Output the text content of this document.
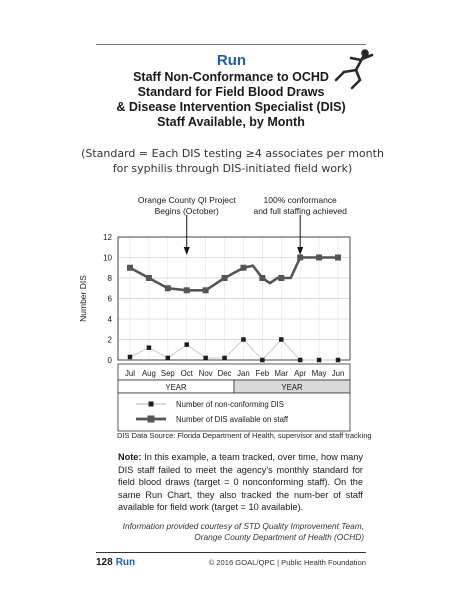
Run
Staff Non-Conformance to OCHD
Standard for Field Blood Draws
& Disease Intervention Specialist (DIS)
Staff Available, by Month
(Standard = Each DIS testing ≥4 associates per month
for syphilis through DIS-initiated field work)
0
2
4
6
8
10
12
Number DIS
Jul Aug Sep Oct Nov Dec Jan Feb Mar Apr May Jun
YEAR	YEAR
Number of non-conforming DIS
Number of DIS available on staff
Orange County QI Project
Begins (October)
100% conformance
and full staffing achieved
DIS Data Source: Florida Department of Health, supervisor and staff tracking
Note: In this example, a team tracked, over time, how many DIS staff failed to meet the agency's monthly standard for field blood draws (target = 0 nonconforming staff). On the same Run Chart, they also tracked the num-ber of staff available for field work (target = 10 available).
Information provided courtesy of STD Quality Improvement Team,
Orange County Department of Health (OCHD)
128 Run	© 2016 GOAL/QPC | Public Health Foundation
